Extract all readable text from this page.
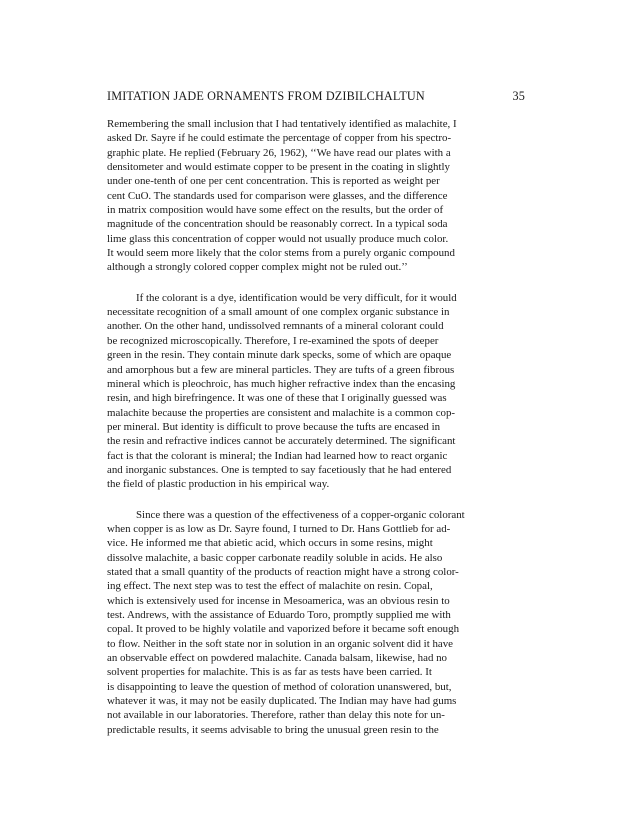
IMITATION JADE ORNAMENTS FROM DZIBILCHALTUN	35
Remembering the small inclusion that I had tentatively identified as malachite, I
asked Dr. Sayre if he could estimate the percentage of copper from his spectro-
graphic plate. He replied (February 26, 1962), ‘‘We have read our plates with a
densitometer and would estimate copper to be present in the coating in slightly
under one-tenth of one per cent concentration. This is reported as weight per
cent CuO. The standards used for comparison were glasses, and the difference
in matrix composition would have some effect on the results, but the order of
magnitude of the concentration should be reasonably correct. In a typical soda
lime glass this concentration of copper would not usually produce much color.
It would seem more likely that the color stems from a purely organic compound
although a strongly colored copper complex might not be ruled out.’’
If the colorant is a dye, identification would be very difficult, for it would
necessitate recognition of a small amount of one complex organic substance in
another. On the other hand, undissolved remnants of a mineral colorant could
be recognized microscopically. Therefore, I re-examined the spots of deeper
green in the resin. They contain minute dark specks, some of which are opaque
and amorphous but a few are mineral particles. They are tufts of a green fibrous
mineral which is pleochroic, has much higher refractive index than the encasing
resin, and high birefringence. It was one of these that I originally guessed was
malachite because the properties are consistent and malachite is a common cop-
per mineral. But identity is difficult to prove because the tufts are encased in
the resin and refractive indices cannot be accurately determined. The significant
fact is that the colorant is mineral; the Indian had learned how to react organic
and inorganic substances. One is tempted to say facetiously that he had entered
the field of plastic production in his empirical way.
Since there was a question of the effectiveness of a copper-organic colorant
when copper is as low as Dr. Sayre found, I turned to Dr. Hans Gottlieb for ad-
vice. He informed me that abietic acid, which occurs in some resins, might
dissolve malachite, a basic copper carbonate readily soluble in acids. He also
stated that a small quantity of the products of reaction might have a strong color-
ing effect. The next step was to test the effect of malachite on resin. Copal,
which is extensively used for incense in Mesoamerica, was an obvious resin to
test. Andrews, with the assistance of Eduardo Toro, promptly supplied me with
copal. It proved to be highly volatile and vaporized before it became soft enough
to flow. Neither in the soft state nor in solution in an organic solvent did it have
an observable effect on powdered malachite. Canada balsam, likewise, had no
solvent properties for malachite. This is as far as tests have been carried. It
is disappointing to leave the question of method of coloration unanswered, but,
whatever it was, it may not be easily duplicated. The Indian may have had gums
not available in our laboratories. Therefore, rather than delay this note for un-
predictable results, it seems advisable to bring the unusual green resin to the
